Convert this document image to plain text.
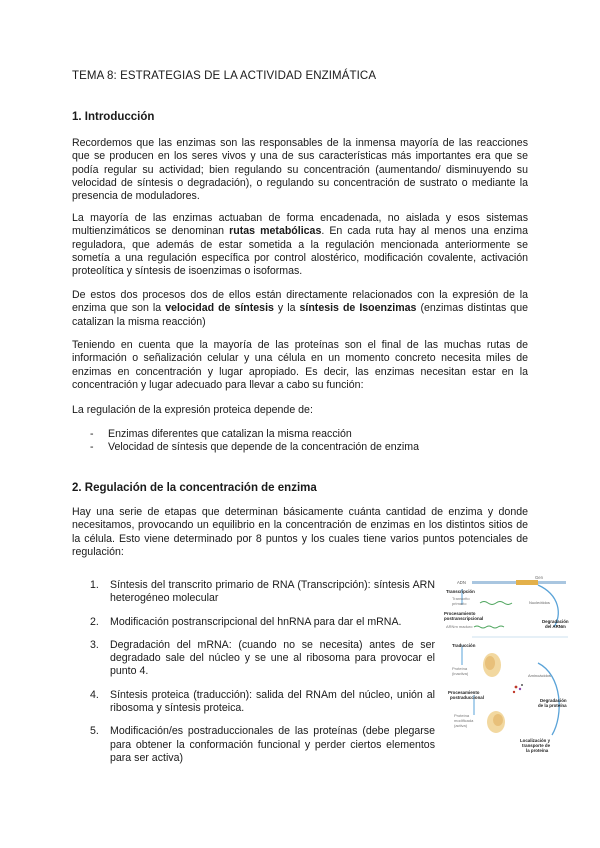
TEMA 8: ESTRATEGIAS DE LA ACTIVIDAD ENZIMÁTICA
1. Introducción

Recordemos que las enzimas son las responsables de la inmensa mayoría de las reacciones que se producen en los seres vivos y una de sus características más importantes era que se podía regular su actividad; bien regulando su concentración (aumentando/ disminuyendo su velocidad de síntesis o degradación), o regulando su concentración de sustrato o mediante la presencia de moduladores.

La mayoría de las enzimas actuaban de forma encadenada, no aislada y esos sistemas multienzimáticos se denominan rutas metabólicas. En cada ruta hay al menos una enzima reguladora, que además de estar sometida a la regulación mencionada anteriormente se sometía a una regulación específica por control alostérico, modificación covalente, activación proteolítica y síntesis de isoenzimas o isoformas.

De estos dos procesos dos de ellos están directamente relacionados con la expresión de la enzima que son la velocidad de síntesis y la síntesis de Isoenzimas (enzimas distintas que catalizan la misma reacción)

Teniendo en cuenta que la mayoría de las proteínas son el final de las muchas rutas de información o señalización celular y una célula en un momento concreto necesita miles de enzimas en concentración y lugar apropiado. Es decir, las enzimas necesitan estar en la concentración y lugar adecuado para llevar a cabo su función:

La regulación de la expresión proteica depende de:

- Enzimas diferentes que catalizan la misma reacción
- Velocidad de síntesis que depende de la concentración de enzima
2. Regulación de la concentración de enzima

Hay una serie de etapas que determinan básicamente cuánta cantidad de enzima y donde necesitamos, provocando un equilibrio en la concentración de enzimas en los distintos sitios de la célula. Esto viene determinado por 8 puntos y los cuales tiene varios puntos potenciales de regulación:

1. Síntesis del transcrito primario de RNA (Transcripción): síntesis ARN heterogéneo molecular
2. Modificación postranscripcional del hnRNA para dar el mRNA.
3. Degradación del mRNA: (cuando no se necesita) antes de ser degradado sale del núcleo y se une al ribosoma para provocar el punto 4.
4. Síntesis proteica (traducción): salida del RNAm del núcleo, unión al ribosoma y síntesis proteica.
5. Modificación/es postraduccionales de las proteínas (debe plegarse para obtener la conformación funcional y perder ciertos elementos para ser activa)
Gen
ADN
Transcripción
Transcrito
primario	Nucleótidos
Procesamiento
postranscripcional
ARNm maduro
Degradación
del ARNm
Traducción
Proteína
(inactiva)	Aminoácidos
Procesamiento
postraduccional
Degradación
de la proteína
Proteína
modificada
(activa)
Localización y
transporte de
la proteína
